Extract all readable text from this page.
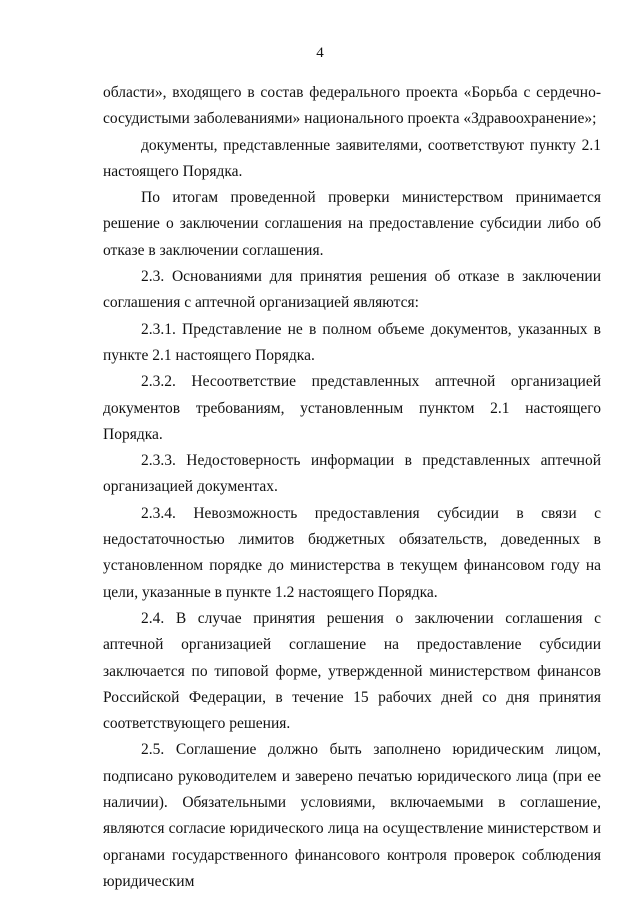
4

области», входящего в состав федерального проекта «Борьба с сердечно-сосудистыми заболеваниями» национального проекта «Здравоохранение»;

документы, представленные заявителями, соответствуют пункту 2.1 настоящего Порядка.

По итогам проведенной проверки министерством принимается решение о заключении соглашения на предоставление субсидии либо об отказе в заключении соглашения.

2.3. Основаниями для принятия решения об отказе в заключении соглашения с аптечной организацией являются:

2.3.1. Представление не в полном объеме документов, указанных в пункте 2.1 настоящего Порядка.

2.3.2. Несоответствие представленных аптечной организацией документов требованиям, установленным пунктом 2.1 настоящего Порядка.

2.3.3. Недостоверность информации в представленных аптечной организацией документах.

2.3.4. Невозможность предоставления субсидии в связи с недостаточностью лимитов бюджетных обязательств, доведенных в установленном порядке до министерства в текущем финансовом году на цели, указанные в пункте 1.2 настоящего Порядка.

2.4. В случае принятия решения о заключении соглашения с аптечной организацией соглашение на предоставление субсидии заключается по типовой форме, утвержденной министерством финансов Российской Федерации, в течение 15 рабочих дней со дня принятия соответствующего решения.

2.5. Соглашение должно быть заполнено юридическим лицом, подписано руководителем и заверено печатью юридического лица (при ее наличии). Обязательными условиями, включаемыми в соглашение, являются согласие юридического лица на осуществление министерством и органами государственного финансового контроля проверок соблюдения юридическим
